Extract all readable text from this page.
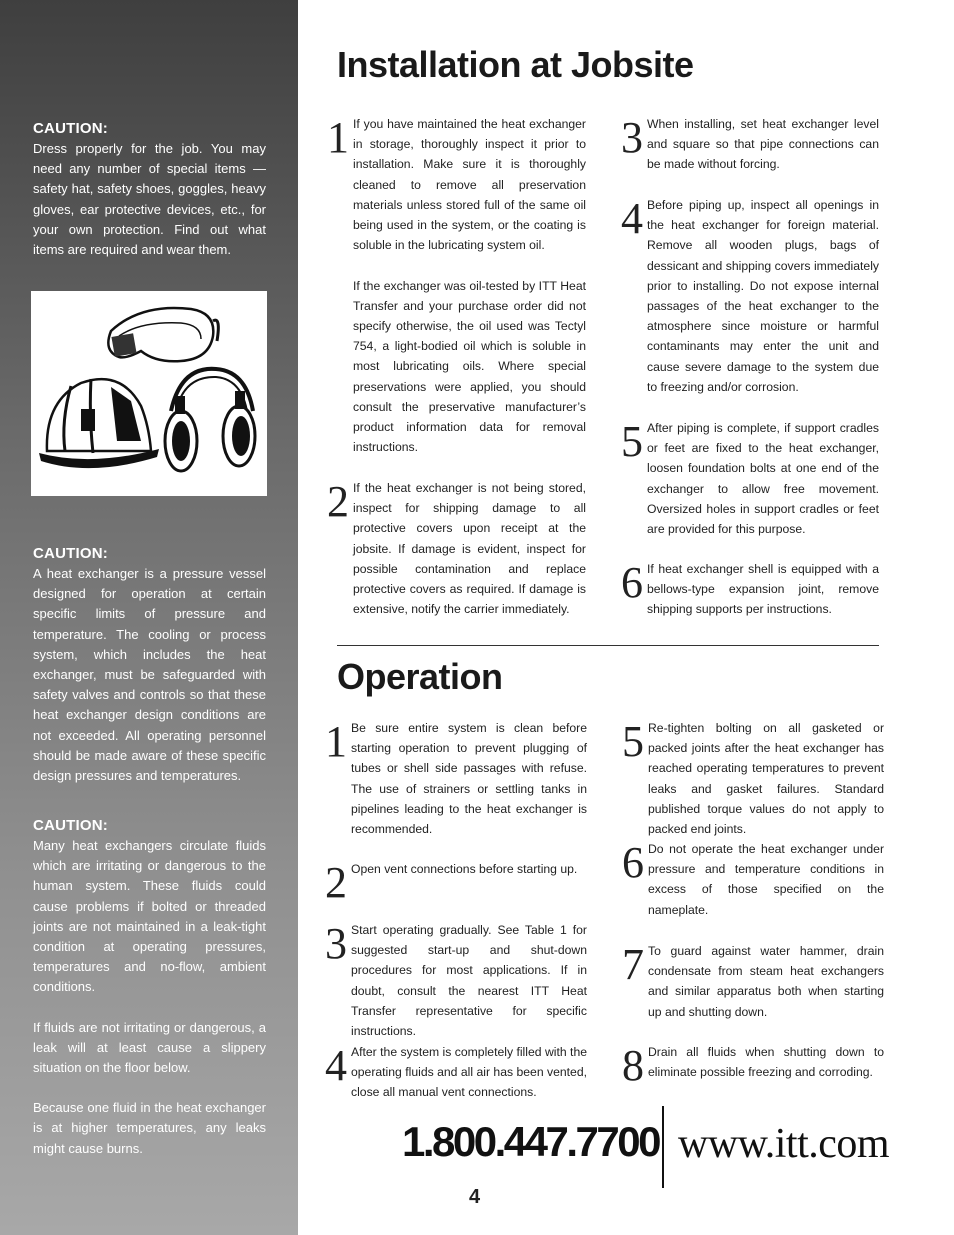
CAUTION:

Dress properly for the job. You may need any number of special items — safety hat, safety shoes, goggles, heavy gloves, ear protective devices, etc., for your own protection. Find out what items are required and wear them.

CAUTION:

A heat exchanger is a pressure vessel designed for operation at certain specific limits of pressure and temperature. The cooling or process system, which includes the heat exchanger, must be safeguarded with safety valves and controls so that these heat exchanger design conditions are not exceeded. All operating personnel should be made aware of these specific design pressures and temperatures.

CAUTION:

Many heat exchangers circulate fluids which are irritating or dangerous to the human system. These fluids could cause problems if bolted or threaded joints are not maintained in a leak-tight condition at operating pressures, temperatures and no-flow, ambient conditions.

If fluids are not irritating or dangerous, a leak will at least cause a slippery situation on the floor below.

Because one fluid in the heat exchanger is at higher temperatures, any leaks might cause burns.

Installation at Jobsite
1 If you have maintained the heat exchanger in storage, thoroughly inspect it prior to installation. Make sure it is thoroughly cleaned to remove all preservation materials unless stored full of the same oil being used in the system, or the coating is soluble in the lubricating system oil.

If the exchanger was oil-tested by ITT Heat Transfer and your purchase order did not specify otherwise, the oil used was Tectyl 754, a light-bodied oil which is soluble in most lubricating oils. Where special preservations were applied, you should consult the preservative manufacturer’s product information data for removal instructions.

2 If the heat exchanger is not being stored, inspect for shipping damage to all protective covers upon receipt at the jobsite. If damage is evident, inspect for possible contamination and replace protective covers as required. If damage is extensive, notify the carrier immediately.
3 When installing, set heat exchanger level and square so that pipe connections can be made without forcing.
4 Before piping up, inspect all openings in the heat exchanger for foreign material. Remove all wooden plugs, bags of dessicant and shipping covers immediately prior to installing. Do not expose internal passages of the heat exchanger to the atmosphere since moisture or harmful contaminants may enter the unit and cause severe damage to the system due to freezing and/or corrosion.
5 After piping is complete, if support cradles or feet are fixed to the heat exchanger, loosen foundation bolts at one end of the exchanger to allow free movement. Oversized holes in support cradles or feet are provided for this purpose.
6 If heat exchanger shell is equipped with a bellows-type expansion joint, remove shipping supports per instructions.
Operation
1 Be sure entire system is clean before starting operation to prevent plugging of tubes or shell side passages with refuse. The use of strainers or settling tanks in pipelines leading to the heat exchanger is recommended.
2 Open vent connections before starting up.
3 Start operating gradually. See Table 1 for suggested start-up and shut-down procedures for most applications. If in doubt, consult the nearest ITT Heat Transfer representative for specific instructions.
4 After the system is completely filled with the operating fluids and all air has been vented, close all manual vent connections.
5 Re-tighten bolting on all gasketed or packed joints after the heat exchanger has reached operating temperatures to prevent leaks and gasket failures. Standard published torque values do not apply to packed end joints.
6 Do not operate the heat exchanger under pressure and temperature conditions in excess of those specified on the nameplate.
7 To guard against water hammer, drain condensate from steam heat exchangers and similar apparatus both when starting up and shutting down.
8 Drain all fluids when shutting down to eliminate possible freezing and corroding.
1.800.447.7700 www.itt.com
4
